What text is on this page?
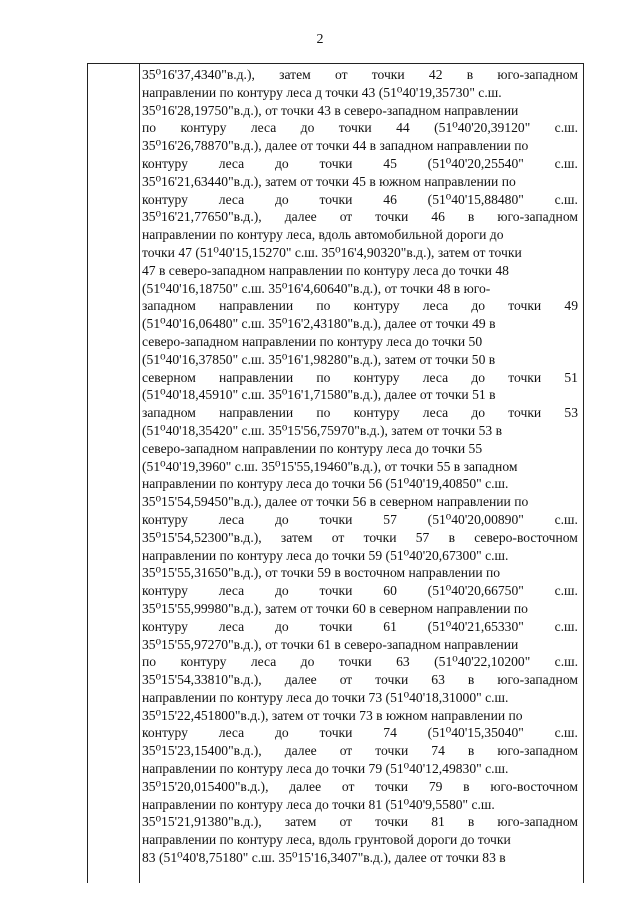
2
35⁰16'37,4340"в.д.), затем от точки 42 в юго-западном
направлении по контуру леса д точки 43 (51⁰40'19,35730" с.ш.
35⁰16'28,19750"в.д.), от точки 43 в северо-западном направлении
по контуру леса до точки 44 (51⁰40'20,39120" с.ш.
35⁰16'26,78870"в.д.), далее от точки 44 в западном направлении по
контуру леса до точки 45 (51⁰40'20,25540" с.ш.
35⁰16'21,63440"в.д.), затем от точки 45 в южном направлении по
контуру леса до точки 46 (51⁰40'15,88480" с.ш.
35⁰16'21,77650"в.д.), далее от точки 46 в юго-западном
направлении по контуру леса, вдоль автомобильной дороги до
точки 47 (51⁰40'15,15270" с.ш. 35⁰16'4,90320"в.д.), затем от точки
47 в северо-западном направлении по контуру леса до точки 48
(51⁰40'16,18750" с.ш. 35⁰16'4,60640"в.д.), от точки 48 в юго-
западном направлении по контуру леса до точки 49
(51⁰40'16,06480" с.ш. 35⁰16'2,43180"в.д.), далее от точки 49 в
северо-западном направлении по контуру леса до точки 50
(51⁰40'16,37850" с.ш. 35⁰16'1,98280"в.д.), затем от точки 50 в
северном направлении по контуру леса до точки 51
(51⁰40'18,45910" с.ш. 35⁰16'1,71580"в.д.), далее от точки 51 в
западном направлении по контуру леса до точки 53
(51⁰40'18,35420" с.ш. 35⁰15'56,75970"в.д.), затем от точки 53 в
северо-западном направлении по контуру леса до точки 55
(51⁰40'19,3960" с.ш. 35⁰15'55,19460"в.д.), от точки 55 в западном
направлении по контуру леса до точки 56 (51⁰40'19,40850" с.ш.
35⁰15'54,59450"в.д.), далее от точки 56 в северном направлении по
контуру леса до точки 57 (51⁰40'20,00890" с.ш.
35⁰15'54,52300"в.д.), затем от точки 57 в северо-восточном
направлении по контуру леса до точки 59 (51⁰40'20,67300" с.ш.
35⁰15'55,31650"в.д.), от точки 59 в восточном направлении по
контуру леса до точки 60 (51⁰40'20,66750" с.ш.
35⁰15'55,99980"в.д.), затем от точки 60 в северном направлении по
контуру леса до точки 61 (51⁰40'21,65330" с.ш.
35⁰15'55,97270"в.д.), от точки 61 в северо-западном направлении
по контуру леса до точки 63 (51⁰40'22,10200" с.ш.
35⁰15'54,33810"в.д.), далее от точки 63 в юго-западном
направлении по контуру леса до точки 73 (51⁰40'18,31000" с.ш.
35⁰15'22,451800"в.д.), затем от точки 73 в южном направлении по
контуру леса до точки 74 (51⁰40'15,35040" с.ш.
35⁰15'23,15400"в.д.), далее от точки 74 в юго-западном
направлении по контуру леса до точки 79 (51⁰40'12,49830" с.ш.
35⁰15'20,015400"в.д.), далее от точки 79 в юго-восточном
направлении по контуру леса до точки 81 (51⁰40'9,5580" с.ш.
35⁰15'21,91380"в.д.), затем от точки 81 в юго-западном
направлении по контуру леса, вдоль грунтовой дороги до точки
83 (51⁰40'8,75180" с.ш. 35⁰15'16,3407"в.д.), далее от точки 83 в
